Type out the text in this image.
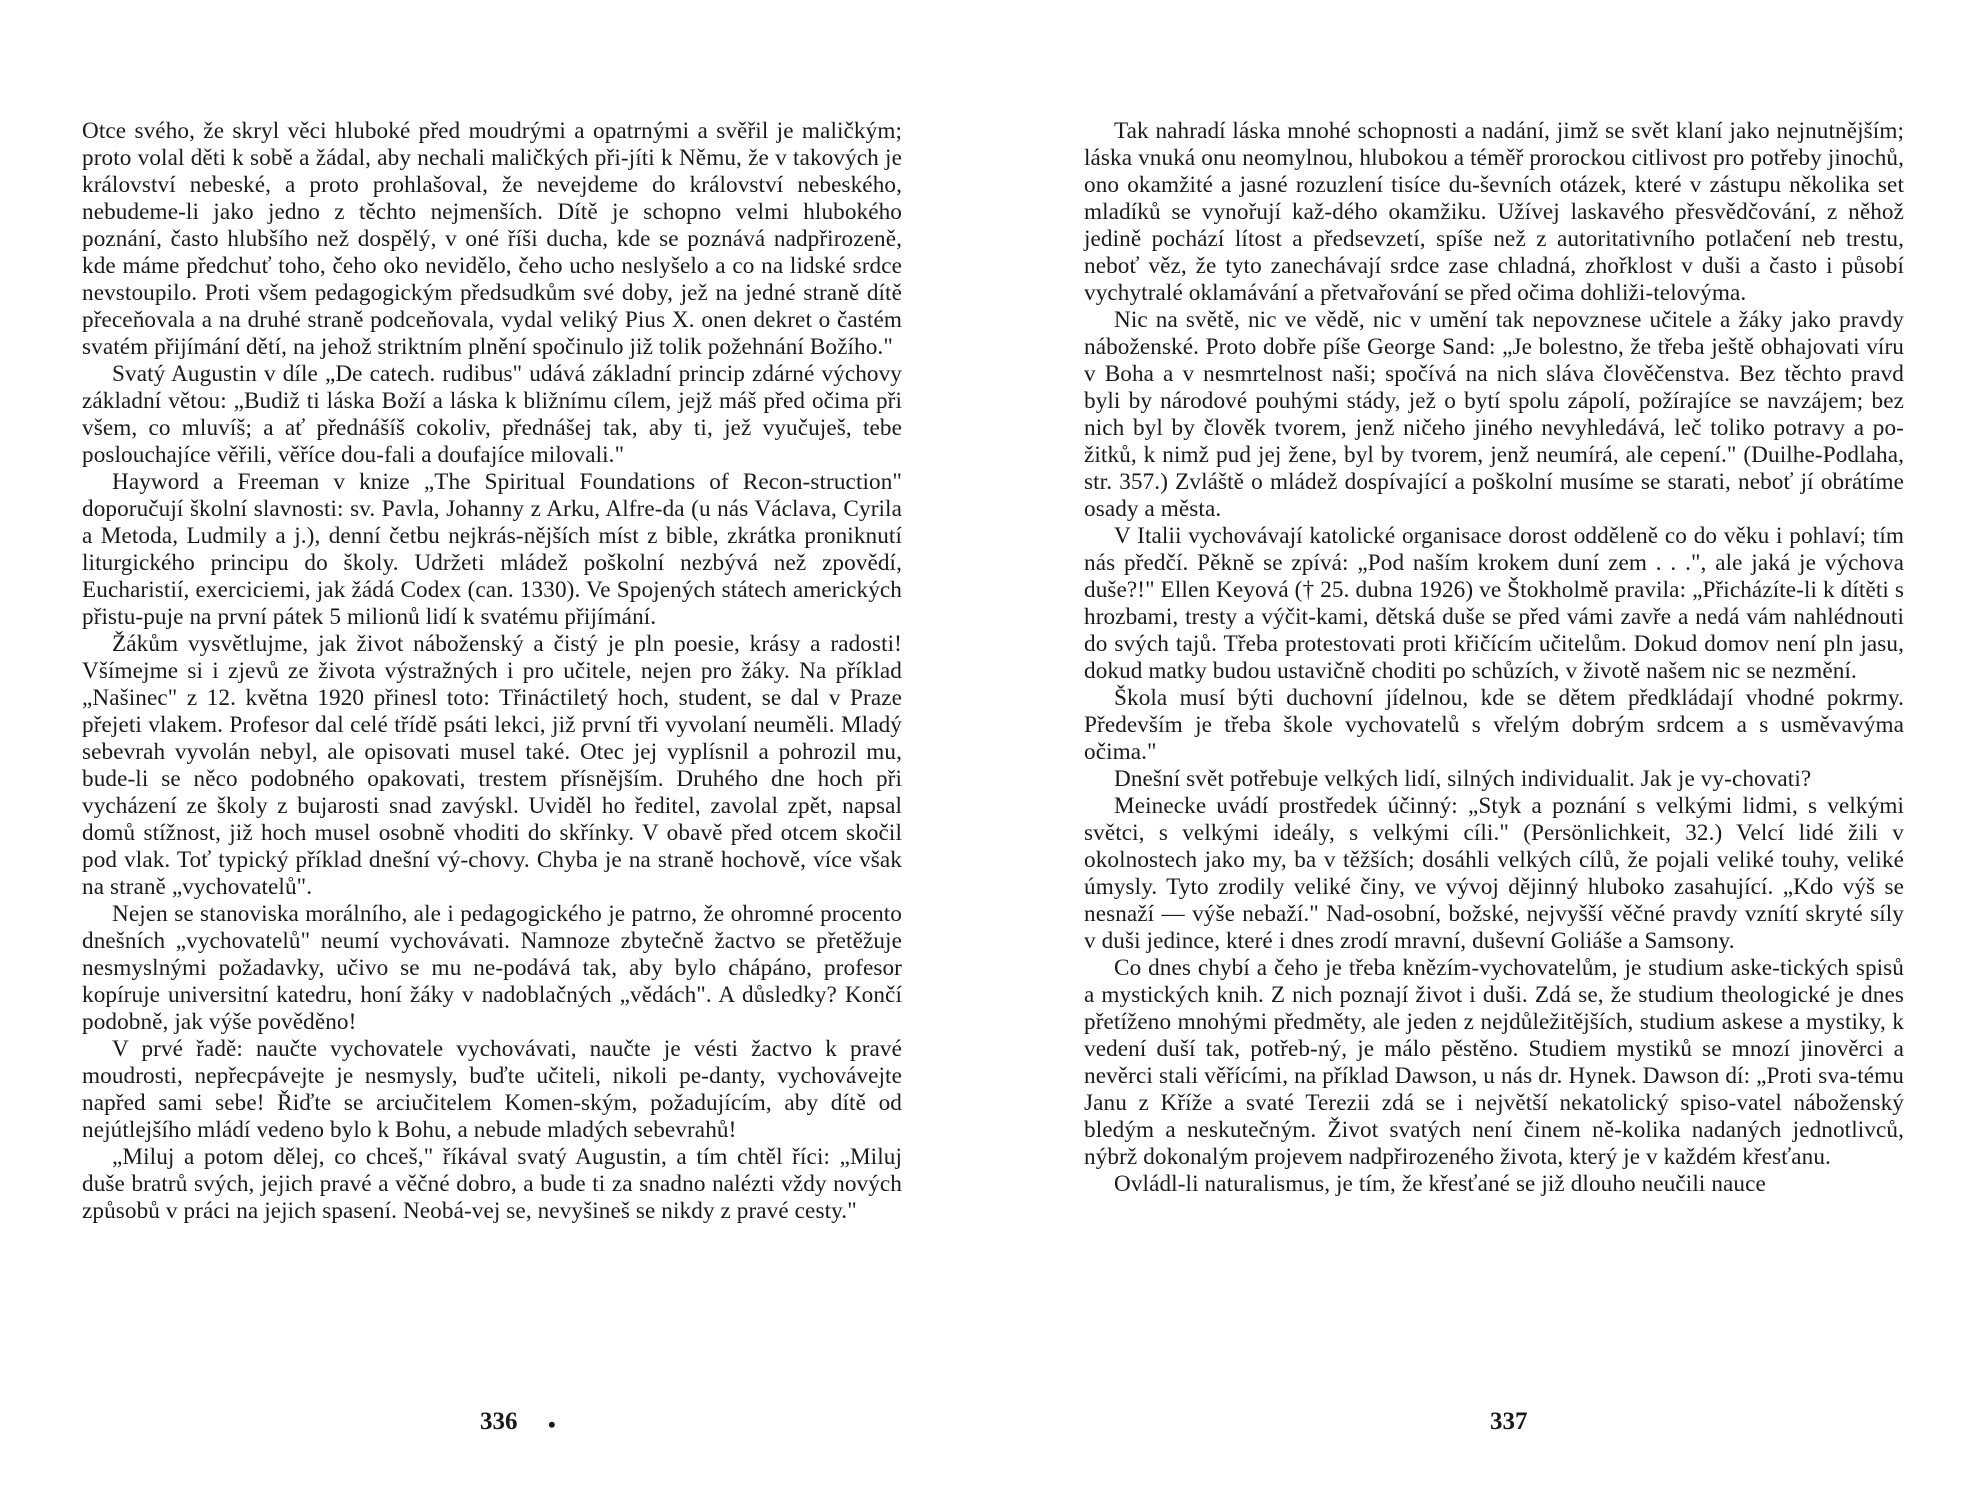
Otce svého, že skryl věci hluboké před moudrými a opatrnými a svěřil je maličkým; proto volal děti k sobě a žádal, aby nechali maličkých při-jíti k Němu, že v takových je království nebeské, a proto prohlašoval, že nevejdeme do království nebeského, nebudeme-li jako jedno z těchto nejmenších. Dítě je schopno velmi hlubokého poznání, často hlubšího než dospělý, v oné říši ducha, kde se poznává nadpřirozeně, kde máme předchuť toho, čeho oko nevidělo, čeho ucho neslyšelo a co na lidské srdce nevstoupilo. Proti všem pedagogickým předsudkům své doby, jež na jedné straně dítě přeceňovala a na druhé straně podceňovala, vydal veliký Pius X. onen dekret o častém svatém přijímání dětí, na jehož striktním plnění spočinulo již tolik požehnání Božího."

Svatý Augustin v díle „De catech. rudibus" udává základní princip zdárné výchovy základní větou: „Budiž ti láska Boží a láska k bližnímu cílem, jejž máš před očima při všem, co mluvíš; a ať přednášíš cokoliv, přednášej tak, aby ti, jež vyučuješ, tebe poslouchajíce věřili, věříce dou-fali a doufajíce milovali."

Hayword a Freeman v knize „The Spiritual Foundations of Recon-struction" doporučují školní slavnosti: sv. Pavla, Johanny z Arku, Alfre-da (u nás Václava, Cyrila a Metoda, Ludmily a j.), denní četbu nejkrás-nějších míst z bible, zkrátka proniknutí liturgického principu do školy. Udržeti mládež poškolní nezbývá než zpovědí, Eucharistií, exerciciemi, jak žádá Codex (can. 1330). Ve Spojených státech amerických přistu-puje na první pátek 5 milionů lidí k svatému přijímání.

Žákům vysvětlujme, jak život náboženský a čistý je pln poesie, krásy a radosti! Všímejme si i zjevů ze života výstražných i pro učitele, nejen pro žáky. Na příklad „Našinec" z 12. května 1920 přinesl toto: Třináctiletý hoch, student, se dal v Praze přejeti vlakem. Profesor dal celé třídě psáti lekci, již první tři vyvolaní neuměli. Mladý sebevrah vyvolán nebyl, ale opisovati musel také. Otec jej vyplísnil a pohrozil mu, bude-li se něco podobného opakovati, trestem přísnějším. Druhého dne hoch při vycházení ze školy z bujarosti snad zavýskl. Uviděl ho ředitel, zavolal zpět, napsal domů stížnost, již hoch musel osobně vhoditi do skřínky. V obavě před otcem skočil pod vlak. Toť typický příklad dnešní vý-chovy. Chyba je na straně hochově, více však na straně „vychovatelů".

Nejen se stanoviska morálního, ale i pedagogického je patrno, že ohromné procento dnešních „vychovatelů" neumí vychovávati. Namnoze zbytečně žactvo se přetěžuje nesmyslnými požadavky, učivo se mu ne-podává tak, aby bylo chápáno, profesor kopíruje universitní katedru, honí žáky v nadoblačných „vědách". A důsledky? Končí podobně, jak výše pověděno!

V prvé řadě: naučte vychovatele vychovávati, naučte je vésti žactvo k pravé moudrosti, nepřecpávejte je nesmysly, buďte učiteli, nikoli pe-danty, vychovávejte napřed sami sebe! Řiďte se arciučitelem Komen-ským, požadujícím, aby dítě od nejútlejšího mládí vedeno bylo k Bohu, a nebude mladých sebevrahů!

„Miluj a potom dělej, co chceš," říkával svatý Augustin, a tím chtěl říci: „Miluj duše bratrů svých, jejich pravé a věčné dobro, a bude ti za snadno nalézti vždy nových způsobů v práci na jejich spasení. Neobá-vej se, nevyšineš se nikdy z pravé cesty."

336 •

Tak nahradí láska mnohé schopnosti a nadání, jimž se svět klaní jako nejnutnějším; láska vnuká onu neomylnou, hlubokou a téměř prorockou citlivost pro potřeby jinochů, ono okamžité a jasné rozuzlení tisíce du-ševních otázek, které v zástupu několika set mladíků se vynořují kaž-dého okamžiku. Užívej laskavého přesvědčování, z něhož jedině pochází lítost a předsevzetí, spíše než z autoritativního potlačení neb trestu, neboť věz, že tyto zanechávají srdce zase chladná, zhořklost v duši a často i působí vychytralé oklamávání a přetvařování se před očima dohliži-telovýma.

Nic na světě, nic ve vědě, nic v umění tak nepovznese učitele a žáky jako pravdy náboženské. Proto dobře píše George Sand: „Je bolestno, že třeba ještě obhajovati víru v Boha a v nesmrtelnost naši; spočívá na nich sláva člověčenstva. Bez těchto pravd byli by národové pouhými stády, jež o bytí spolu zápolí, požírajíce se navzájem; bez nich byl by člověk tvorem, jenž ničeho jiného nevyhledává, leč toliko potravy a po-žitků, k nimž pud jej žene, byl by tvorem, jenž neumírá, ale cepení." (Duilhe-Podlaha, str. 357.) Zvláště o mládež dospívající a poškolní musíme se starati, neboť jí obrátíme osady a města.

V Italii vychovávají katolické organisace dorost odděleně co do věku i pohlaví; tím nás předčí. Pěkně se zpívá: „Pod naším krokem duní zem . . .", ale jaká je výchova duše?!" Ellen Keyová († 25. dubna 1926) ve Štokholmě pravila: „Přicházíte-li k dítěti s hrozbami, tresty a výčit-kami, dětská duše se před vámi zavře a nedá vám nahlédnouti do svých tajů. Třeba protestovati proti křičícím učitelům. Dokud domov není pln jasu, dokud matky budou ustavičně choditi po schůzích, v životě našem nic se nezmění.

Škola musí býti duchovní jídelnou, kde se dětem předkládají vhodné pokrmy. Především je třeba škole vychovatelů s vřelým dobrým srdcem a s usměvavýma očima."

Dnešní svět potřebuje velkých lidí, silných individualit. Jak je vy-chovati?

Meinecke uvádí prostředek účinný: „Styk a poznání s velkými lidmi, s velkými světci, s velkými ideály, s velkými cíli." (Persönlichkeit, 32.) Velcí lidé žili v okolnostech jako my, ba v těžších; dosáhli velkých cílů, že pojali veliké touhy, veliké úmysly. Tyto zrodily veliké činy, ve vývoj dějinný hluboko zasahující. „Kdo výš se nesnaží — výše nebaží." Nad-osobní, božské, nejvyšší věčné pravdy vznítí skryté síly v duši jedince, které i dnes zrodí mravní, duševní Goliáše a Samsony.

Co dnes chybí a čeho je třeba knězím-vychovatelům, je studium aske-tických spisů a mystických knih. Z nich poznají život i duši. Zdá se, že studium theologické je dnes přetíženo mnohými předměty, ale jeden z nejdůležitějších, studium askese a mystiky, k vedení duší tak, potřeb-ný, je málo pěstěno. Studiem mystiků se mnozí jinověrci a nevěrci stali věřícími, na příklad Dawson, u nás dr. Hynek. Dawson dí: „Proti sva-tému Janu z Kříže a svaté Terezii zdá se i největší nekatolický spiso-vatel náboženský bledým a neskutečným. Život svatých není činem ně-kolika nadaných jednotlivců, nýbrž dokonalým projevem nadpřirozeného života, který je v každém křesťanu.

Ovládl-li naturalismus, je tím, že křesťané se již dlouho neučili nauce

337
